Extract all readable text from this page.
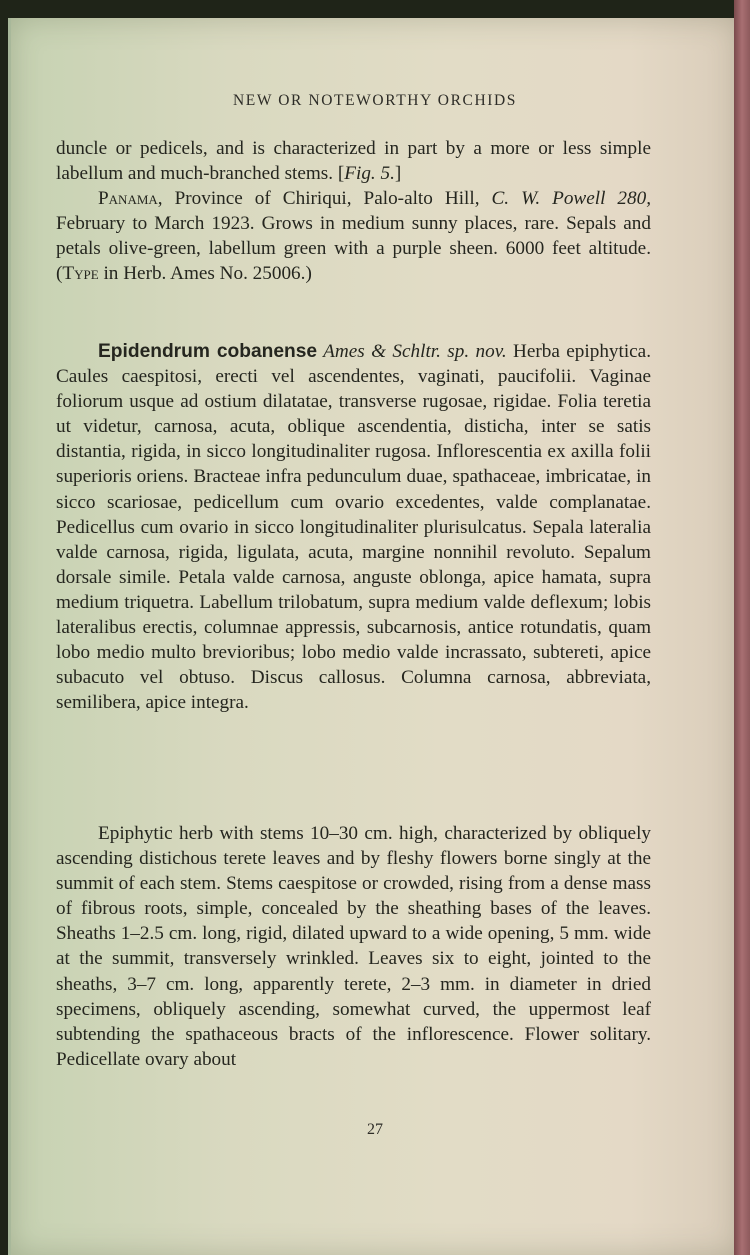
NEW OR NOTEWORTHY ORCHIDS

duncle or pedicels, and is characterized in part by a more or less simple labellum and much-branched stems. [Fig. 5.]
Panama, Province of Chiriqui, Palo-alto Hill, C. W. Powell 280, February to March 1923. Grows in medium sunny places, rare. Sepals and petals olive-green, labellum green with a purple sheen. 6000 feet altitude. (Type in Herb. Ames No. 25006.)

Epidendrum cobanense Ames & Schltr. sp. nov. Herba epiphytica. Caules caespitosi, erecti vel ascendentes, vaginati, paucifolii. Vaginae foliorum usque ad ostium dilatatae, transverse rugosae, rigidae. Folia teretia ut videtur, carnosa, acuta, oblique ascendentia, disticha, inter se satis distantia, rigida, in sicco longitudinaliter rugosa. Inflorescentia ex axilla folii superioris oriens. Bracteae infra pedunculum duae, spathaceae, imbricatae, in sicco scariosae, pedicellum cum ovario excedentes, valde complanatae. Pedicellus cum ovario in sicco longitudinaliter plurisulcatus. Sepala lateralia valde carnosa, rigida, ligulata, acuta, margine nonnihil revoluto. Sepalum dorsale simile. Petala valde carnosa, anguste oblonga, apice hamata, supra medium triquetra. Labellum trilobatum, supra medium valde deflexum; lobis lateralibus erectis, columnae appressis, subcarnosis, antice rotundatis, quam lobo medio multo brevioribus; lobo medio valde incrassato, subtereti, apice subacuto vel obtuso. Discus callosus. Columna carnosa, abbreviata, semilibera, apice integra.

Epiphytic herb with stems 10–30 cm. high, characterized by obliquely ascending distichous terete leaves and by fleshy flowers borne singly at the summit of each stem. Stems caespitose or crowded, rising from a dense mass of fibrous roots, simple, concealed by the sheathing bases of the leaves. Sheaths 1–2.5 cm. long, rigid, dilated upward to a wide opening, 5 mm. wide at the summit, transversely wrinkled. Leaves six to eight, jointed to the sheaths, 3–7 cm. long, apparently terete, 2–3 mm. in diameter in dried specimens, obliquely ascending, somewhat curved, the uppermost leaf subtending the spathaceous bracts of the inflorescence. Flower solitary. Pedicellate ovary about

27
